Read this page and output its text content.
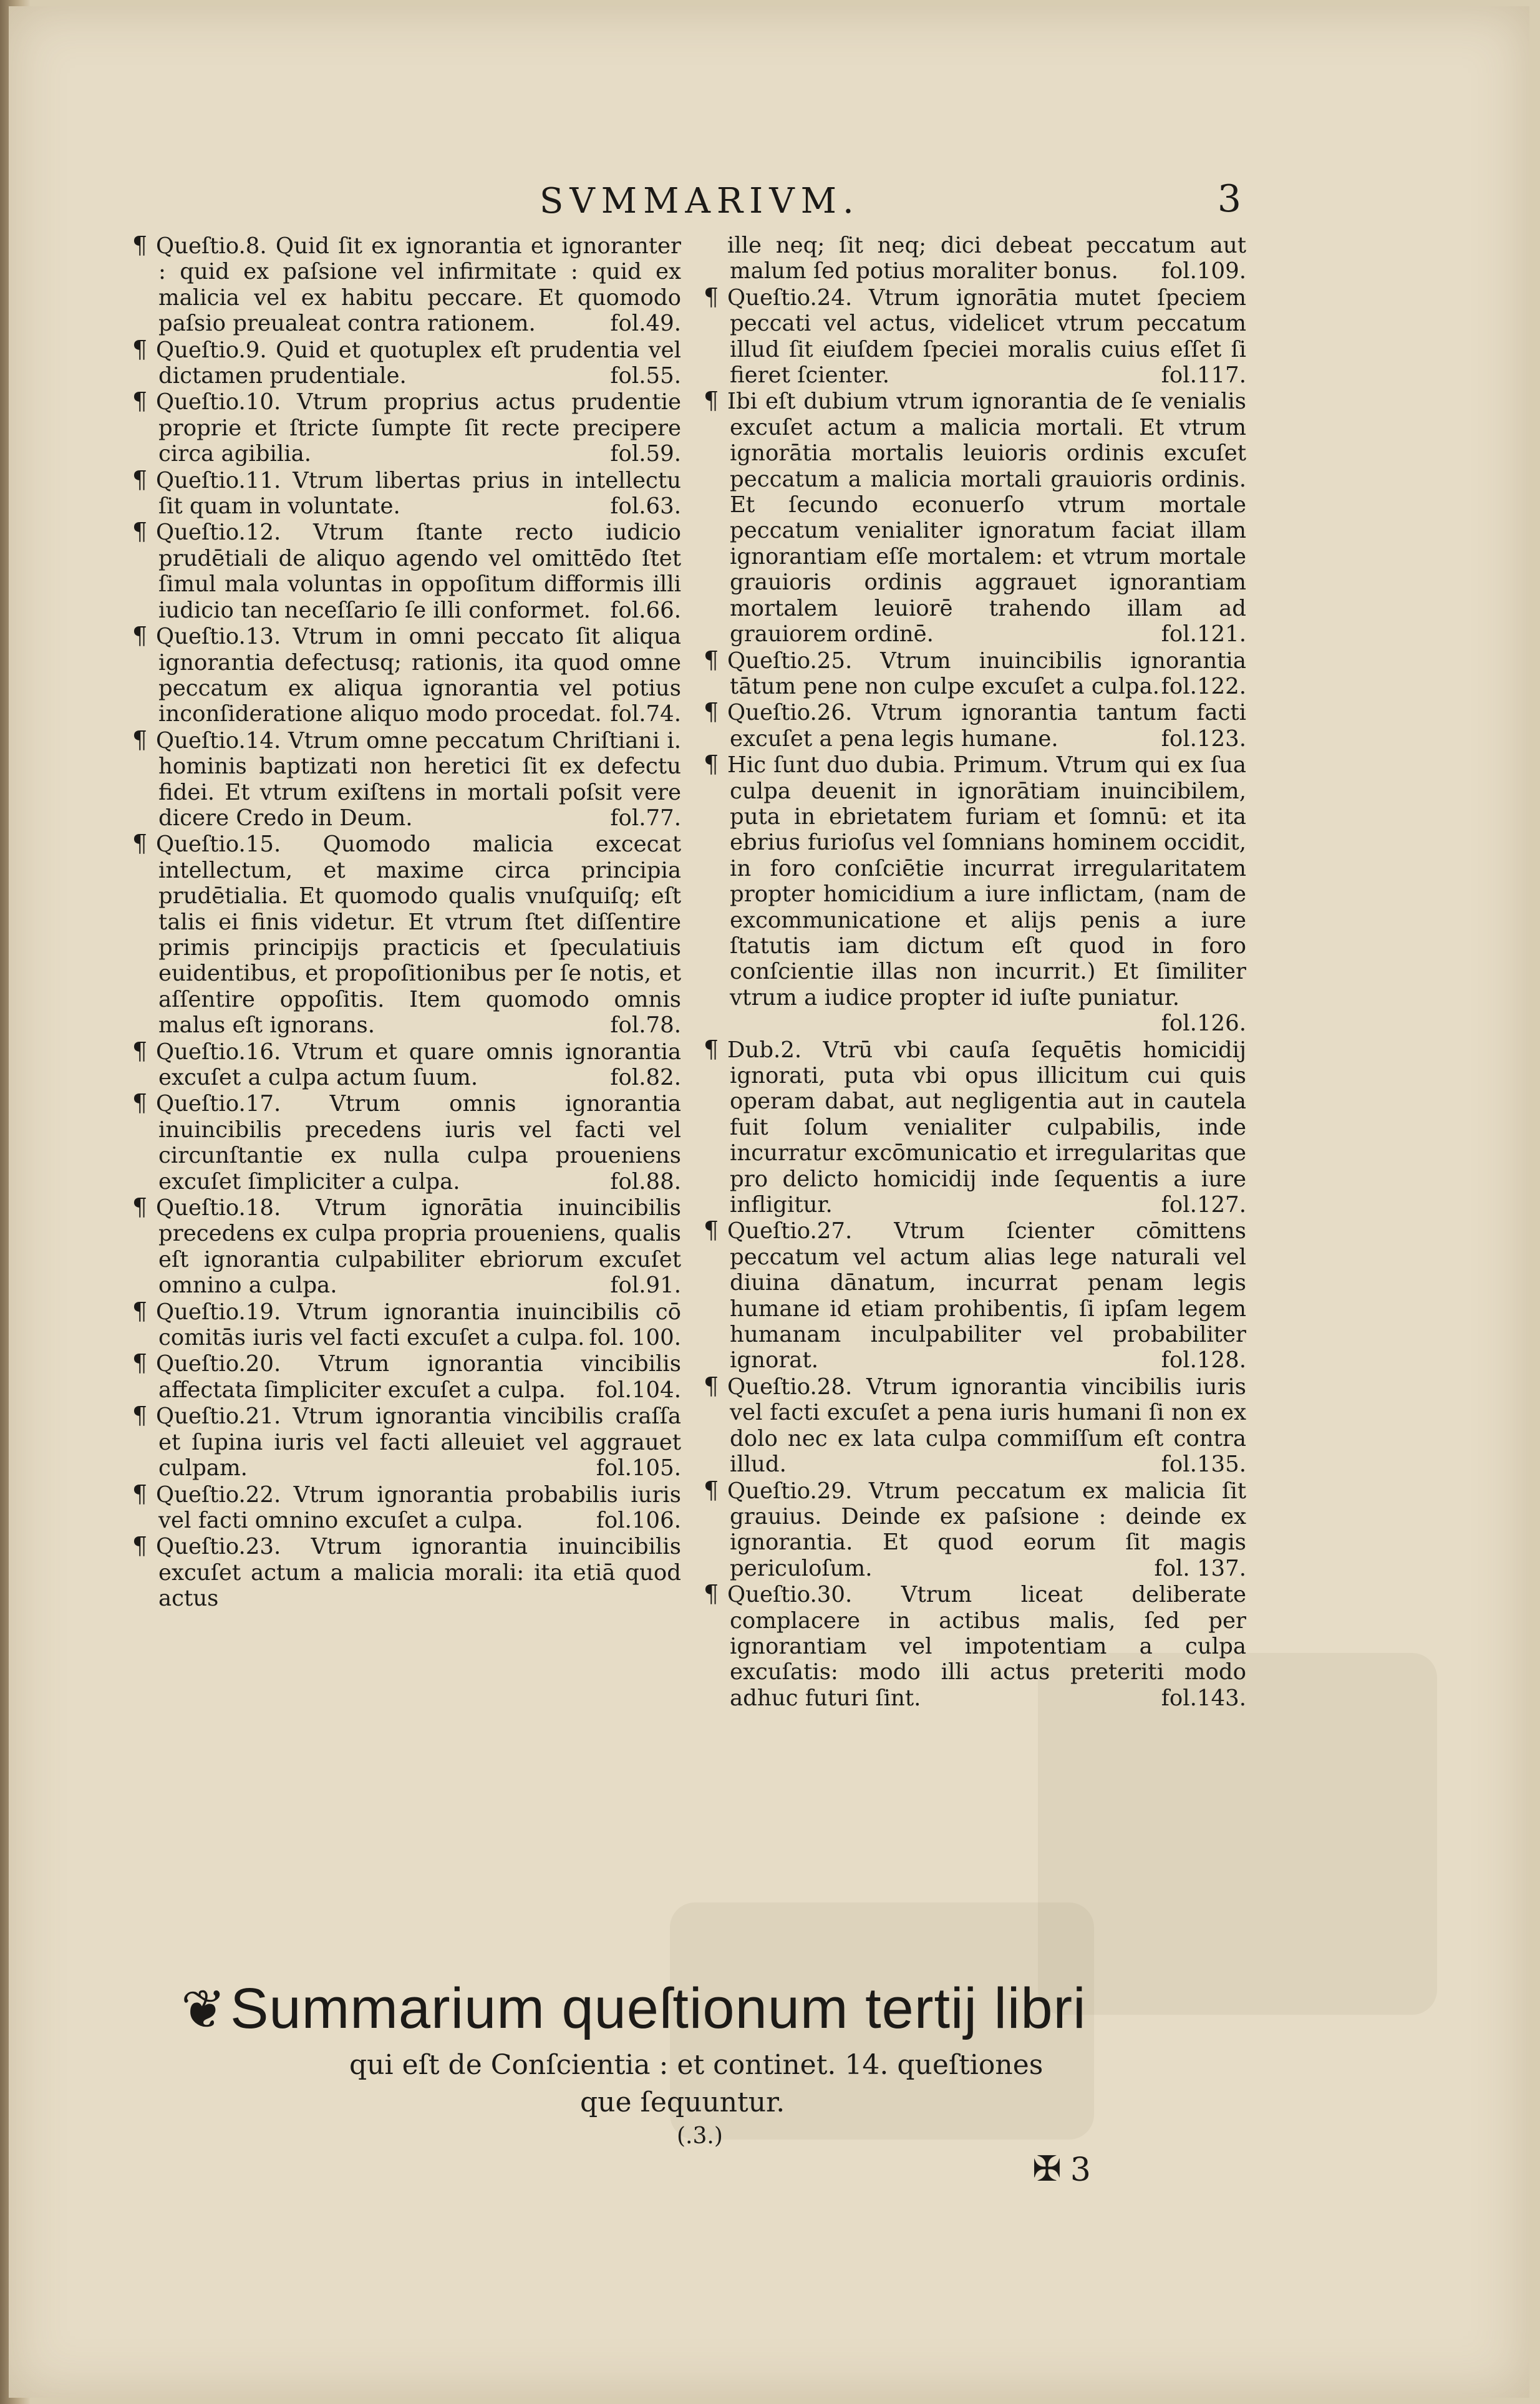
SVMMARIVM.	3

¶ Queſtio.8. Quid ſit ex ignorantia et ignoranter : quid ex paſsione vel infirmitate : quid ex malicia vel ex habitu peccare. Et quomodo paſsio preualeat contra rationem.	fol.49.

¶ Queſtio.9. Quid et quotuplex eſt prudentia vel dictamen prudentiale.	fol.55.

¶ Queſtio.10. Vtrum proprius actus prudentie proprie et ſtricte ſumpte ſit recte precipere circa agibilia.	fol.59.

¶ Queſtio.11. Vtrum libertas prius in intellectu ſit quam in voluntate.	fol.63.

¶ Queſtio.12. Vtrum ſtante recto iudicio prudētiali de aliquo agendo vel omittēdo ſtet ſimul mala voluntas in oppoſitum difformis illi iudicio tan neceſſario ſe illi conformet. fol.66.

¶ Queſtio.13. Vtrum in omni peccato ſit aliqua ignorantia defectusq; rationis, ita quod omne peccatum ex aliqua ignorantia vel potius inconſideratione aliquo modo procedat. fol.74.

¶ Queſtio.14. Vtrum omne peccatum Chriſtiani i. hominis baptizati non heretici ſit ex defectu fidei. Et vtrum exiſtens in mortali poſsit vere dicere Credo in Deum.	fol.77.

¶ Queſtio.15. Quomodo malicia excecat intellectum, et maxime circa principia prudētialia. Et quomodo qualis vnuſquiſq; eſt talis ei finis videtur. Et vtrum ſtet diſſentire primis principijs practicis et ſpeculatiuis euidentibus, et propoſitionibus per ſe notis, et aſſentire oppoſitis. Item quomodo omnis malus eſt ignorans.	fol.78.

¶ Queſtio.16. Vtrum et quare omnis ignorantia excuſet a culpa actum ſuum.	fol.82.

¶ Queſtio.17. Vtrum omnis ignorantia inuincibilis precedens iuris vel facti vel circunſtantie ex nulla culpa proueniens excuſet ſimpliciter a culpa.	fol.88.

¶ Queſtio.18. Vtrum ignorātia inuincibilis precedens ex culpa propria proueniens, qualis eſt ignorantia culpabiliter ebriorum excuſet omnino a culpa.	fol.91.

¶ Queſtio.19. Vtrum ignorantia inuincibilis cō comitās iuris vel facti excuſet a culpa. fol. 100.

¶ Queſtio.20. Vtrum ignorantia vincibilis affectata ſimpliciter excuſet a culpa. fol.104.

¶ Queſtio.21. Vtrum ignorantia vincibilis craſſa et ſupina iuris vel facti alleuiet vel aggrauet culpam.	fol.105.

¶ Queſtio.22. Vtrum ignorantia probabilis iuris vel facti omnino excuſet a culpa.	fol.106.

¶ Queſtio.23. Vtrum ignorantia inuincibilis excuſet actum a malicia morali: ita etiā quod actus

ille neq; ſit neq; dici debeat peccatum aut malum ſed potius moraliter bonus. fol.109.

¶ Queſtio.24. Vtrum ignorātia mutet ſpeciem peccati vel actus, videlicet vtrum peccatum illud ſit eiuſdem ſpeciei moralis cuius eſſet ſi fieret ſcienter.	fol.117.

¶ Ibi eſt dubium vtrum ignorantia de ſe venialis excuſet actum a malicia mortali. Et vtrum ignorātia mortalis leuioris ordinis excuſet peccatum a malicia mortali grauioris ordinis. Et ſecundo econuerſo vtrum mortale peccatum venialiter ignoratum faciat illam ignorantiam eſſe mortalem: et vtrum mortale grauioris ordinis aggrauet ignorantiam mortalem leuiorē trahendo illam ad grauiorem ordinē.	fol.121.

¶ Queſtio.25. Vtrum inuincibilis ignorantia tātum pene non culpe excuſet a culpa. fol.122.

¶ Queſtio.26. Vtrum ignorantia tantum facti excuſet a pena legis humane.	fol.123.

¶ Hic ſunt duo dubia. Primum. Vtrum qui ex ſua culpa deuenit in ignorātiam inuincibilem, puta in ebrietatem furiam et ſomnū: et ita ebrius furioſus vel ſomnians hominem occidit, in foro conſciētie incurrat irregularitatem propter homicidium a iure inflictam, (nam de excommunicatione et alijs penis a iure ſtatutis iam dictum eſt quod in foro conſcientie illas non incurrit.) Et ſimiliter vtrum a iudice propter id iuſte puniatur.
fol.126.

¶ Dub.2. Vtrū vbi cauſa ſequētis homicidij ignorati, puta vbi opus illicitum cui quis operam dabat, aut negligentia aut in cautela fuit ſolum venialiter culpabilis, inde incurratur excōmunicatio et irregularitas que pro delicto homicidij inde ſequentis a iure infligitur.	fol.127.

¶ Queſtio.27. Vtrum ſcienter cōmittens peccatum vel actum alias lege naturali vel diuina dānatum, incurrat penam legis humane id etiam prohibentis, ſi ipſam legem humanam inculpabiliter vel probabiliter ignorat.	fol.128.

¶ Queſtio.28. Vtrum ignorantia vincibilis iuris vel facti excuſet a pena iuris humani ſi non ex dolo nec ex lata culpa commiſſum eſt contra illud.	fol.135.

¶ Queſtio.29. Vtrum peccatum ex malicia ſit grauius. Deinde ex paſsione : deinde ex ignorantia. Et quod eorum ſit magis periculoſum.	fol. 137.

¶ Queſtio.30. Vtrum liceat deliberate complacere in actibus malis, ſed per ignorantiam vel impotentiam a culpa excuſatis: modo illi actus preteriti modo adhuc futuri ſint.	fol.143.

❦Summarium queſtionum tertij libri
qui eſt de Conſcientia : et continet. 14. queſtiones
que ſequuntur.
(.3.)
✠ 3
